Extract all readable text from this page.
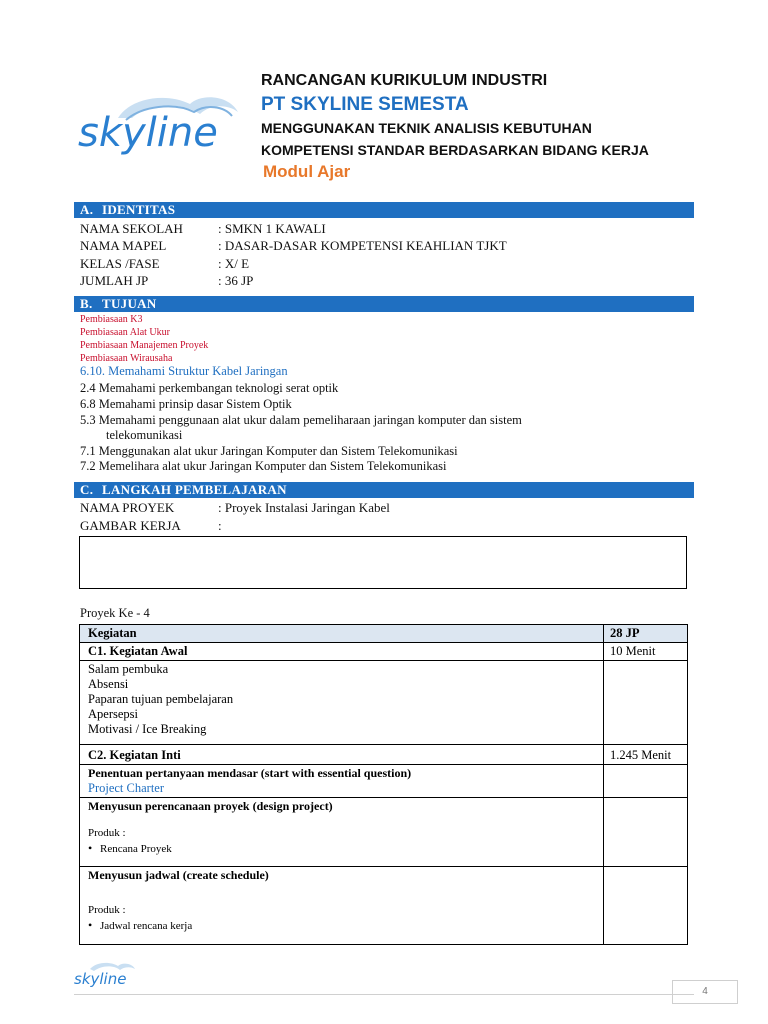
skyline
RANCANGAN KURIKULUM INDUSTRI
PT SKYLINE SEMESTA
MENGGUNAKAN TEKNIK ANALISIS KEBUTUHAN
KOMPETENSI STANDAR BERDASARKAN BIDANG KERJA
Modul Ajar
A. IDENTITAS
NAMA SEKOLAH	: SMKN 1 KAWALI
NAMA MAPEL	: DASAR-DASAR KOMPETENSI KEAHLIAN TJKT
KELAS /FASE	: X/ E
JUMLAH JP	: 36 JP
B. TUJUAN
Pembiasaan K3
Pembiasaan Alat Ukur
Pembiasaan Manajemen Proyek
Pembiasaan Wirausaha
6.10. Memahami Struktur Kabel Jaringan
2.4 Memahami perkembangan teknologi serat optik
6.8 Memahami prinsip dasar Sistem Optik
5.3 Memahami penggunaan alat ukur dalam pemeliharaan jaringan komputer dan sistem
telekomunikasi
7.1 Menggunakan alat ukur Jaringan Komputer dan Sistem Telekomunikasi
7.2 Memelihara alat ukur Jaringan Komputer dan Sistem Telekomunikasi
C. LANGKAH PEMBELAJARAN
NAMA PROYEK	: Proyek Instalasi Jaringan Kabel
GAMBAR KERJA	:
Proyek Ke - 4
Kegiatan	28 JP
C1. Kegiatan Awal	10 Menit

Salam pembuka
Absensi
Paparan tujuan pembelajaran
Apersepsi
Motivasi / Ice Breaking	

C2. Kegiatan Inti	1.245 Menit

Penentuan pertanyaan mendasar (start with essential question)
Project Charter	

Menyusun perencanaan proyek (design project)
Produk :
• Rencana Proyek

Menyusun jadwal (create schedule)
Produk :
• Jadwal rencana kerja

skyline
4
